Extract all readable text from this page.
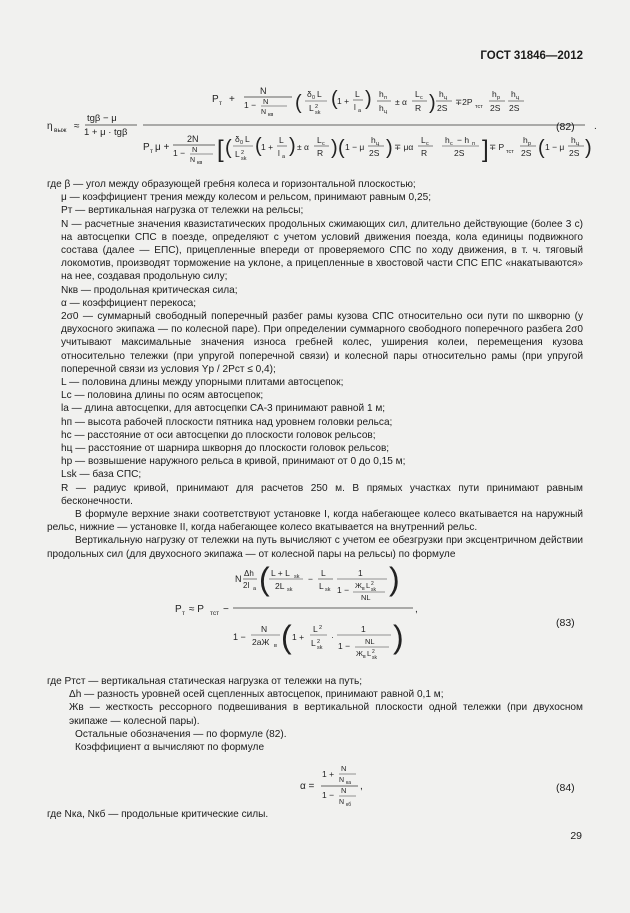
ГОСТ 31846—2012
η выж ≈
tgβ − μ
1 + μ · tgβ
P т +
N
1 − N
N кв
( δ 0 L
L 2
sk
( 1 +
L
l а
) h п
h ц
± α
L c
R ) h ц
2S
∓2P тст
h р
2S
h ц
2S
P т μ +
2N
1 − N
N кв [ ( δ 0 L
L 2
sk
( 1 +
L
l а ) ± α
L c
R ) ( 1 − μ
h ц
2S ) ∓ μα
L c
R
h c − h п
2S ] ∓ P тст
h р
2S ( 1 − μ
h ц
2S )
.
(82)

где β — угол между образующей гребня колеса и горизонтальной плоскостью;

μ — коэффициент трения между колесом и рельсом, принимают равным 0,25;

Pт — вертикальная нагрузка от тележки на рельсы;

N — расчетные значения квазистатических продольных сжимающих сил, длительно действующие (более 3 с) на автосцепки СПС в поезде, определяют с учетом условий движения поезда, кола единицы подвижного состава (далее — ЕПС), прицепленные впереди от проверяемого СПС по ходу движения, в т. ч. тяговый локомотив, производят торможение на уклоне, а прицепленные в хвостовой части СПС ЕПС «накатываются» на нее, создавая продольную силу;

Nкв — продольная критическая сила;

α — коэффициент перекоса;

2σ0 — суммарный свободный поперечный разбег рамы кузова СПС относительно оси пути по шкворню (у двухосного экипажа — по колесной паре). При определении суммарного свободного поперечного разбега 2σ0 учитывают максимальные значения износа гребней колес, уширения колеи, перемещения кузова относительно тележки (при упругой поперечной связи) и колесной пары относительно рамы (при упругой поперечной связи из условия Yр / 2Pст ≤ 0,4);

L — половина длины между упорными плитами автосцепок;

Lc — половина длины по осям автосцепок;

lа — длина автосцепки, для автосцепки СА-3 принимают равной 1 м;

hп — высота рабочей плоскости пятника над уровнем головки рельса;

hc — расстояние от оси автосцепки до плоскости головок рельсов;

hц — расстояние от шарнира шкворня до плоскости головок рельсов;

hр — возвышение наружного рельса в кривой, принимают от 0 до 0,15 м;

Lsk — база СПС;

R — радиус кривой, принимают для расчетов 250 м. В прямых участках пути принимают равным бесконечности.

В формуле верхние знаки соответствуют установке I, когда набегающее колесо вкатывается на наружный рельс, нижние — установке II, когда набегающее колесо вкатывается на внутренний рельс.

Вертикальную нагрузку от тележки на путь вычисляют с учетом ее обезгрузки при эксцентричном действии продольных сил (для двухосного экипажа — от колесной пары на рельсы) по формуле

P т ≈ P тст −
N
Δh
2l а ( L + L sk
2L sk
−
L
L sk
1
1 − Ж в L 2
sk
NL
)
1 −
N
2aЖ в ( 1 +
L 2
L 2
sk
·
1
1 − NL
Ж в L 2
sk
)
,
(83)

где Pтст — вертикальная статическая нагрузка от тележки на путь;

Δh — разность уровней осей сцепленных автосцепок, принимают равной 0,1 м;

Жв — жесткость рессорного подвешивания в вертикальной плоскости одной тележки (при двухосном экипаже — колесной пары).

Остальные обозначения — по формуле (82).

Коэффициент α вычисляют по формуле

α =
1 +
N
N ка
1 − N
N кб
,	(84)

где Nка, Nкб — продольные критические силы.

29
